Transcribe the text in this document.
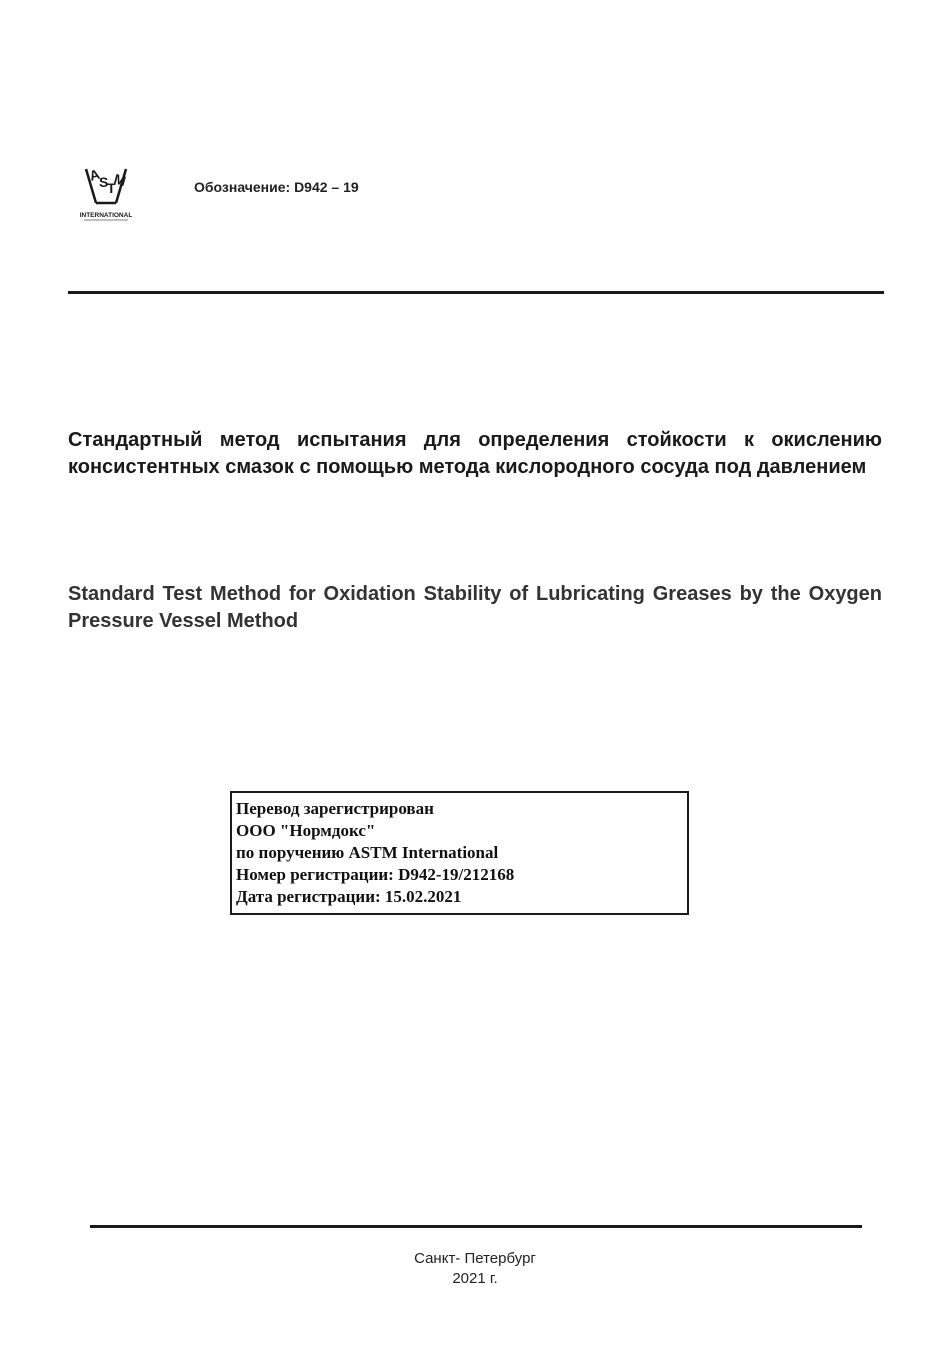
A
S
T
M
INTERNATIONAL
Обозначение: D942 – 19
Стандартный метод испытания для определения стойкости к окислению консистентных смазок с помощью метода кислородного сосуда под давлением
Standard Test Method for Oxidation Stability of Lubricating Greases by the Oxygen Pressure Vessel Method
Перевод зарегистрирован
ООО "Нормдокс"
по поручению ASTM International
Номер регистрации: D942-19/212168
Дата регистрации: 15.02.2021
Санкт- Петербург
2021 г.
